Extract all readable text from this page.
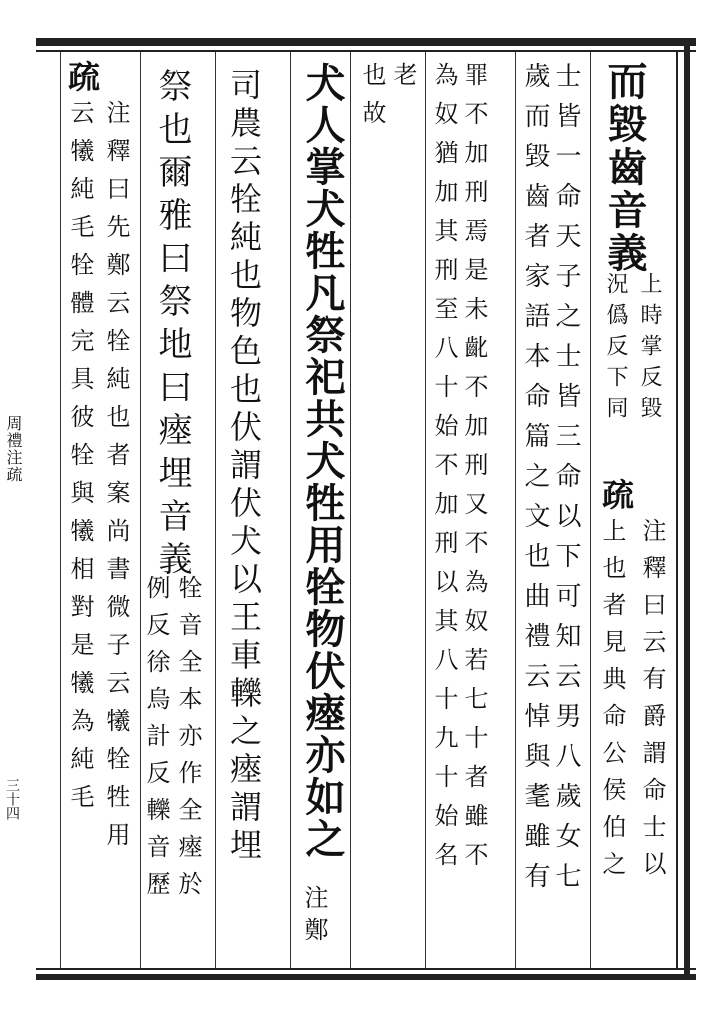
周禮注疏
三十四
而毀齒音義
上時掌反毀
況僞反下同
疏
注釋曰云有爵謂命士以
上也者見典命公侯伯之
士皆一命天子之士皆三命以下可知云男八歲女七
歲而毀齒者家語本命篇之文也曲禮云悼與耄雖有
罪不加刑焉是未齔不加刑又不為奴若七十者雖不
為奴猶加其刑至八十始不加刑以其八十九十始名
老
也故
犬人掌犬牲凡祭祀共犬牲用牷物伏瘞亦如之
注鄭
司農云牷純也物色也伏謂伏犬以王車轢之瘞謂埋
祭也爾雅曰祭地曰瘞埋音義
牷音全本亦作全瘞於
例反徐烏計反轢音歷
疏
注釋曰先鄭云牷純也者案尚書微子云犧牷牲用
云犧純毛牷體完具彼牷與犧相對是犧為純毛
